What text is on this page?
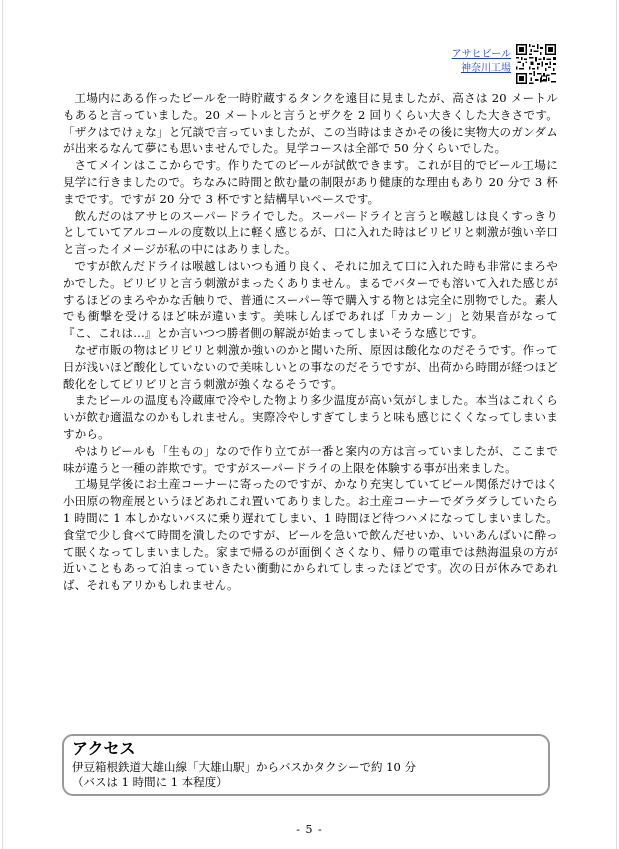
アサヒビール
神奈川工場

工場内にある作ったビールを一時貯蔵するタンクを遠目に見ましたが、高さは 20 メートルもあると言っていました。20 メートルと言うとザクを 2 回りくらい大きくした大きさです。「ザクはでけぇな」と冗談で言っていましたが、この当時はまさかその後に実物大のガンダムが出来るなんて夢にも思いませんでした。見学コースは全部で 50 分くらいでした。

さてメインはここからです。作りたてのビールが試飲できます。これが目的でビール工場に見学に行きましたので。ちなみに時間と飲む量の制限があり健康的な理由もあり 20 分で 3 杯までです。ですが 20 分で 3 杯ですと結構早いペースです。

飲んだのはアサヒのスーパードライでした。スーパードライと言うと喉越しは良くすっきりとしていてアルコールの度数以上に軽く感じるが、口に入れた時はビリビリと刺激が強い辛口と言ったイメージが私の中にはありました。

ですが飲んだドライは喉越しはいつも通り良く、それに加えて口に入れた時も非常にまろやかでした。ビリビリと言う刺激がまったくありません。まるでバターでも溶いて入れた感じがするほどのまろやかな舌触りで、普通にスーパー等で購入する物とは完全に別物でした。素人でも衝撃を受けるほど味が違います。美味しんぼであれば「カカーン」と効果音がなって『こ、これは…』とか言いつつ勝者側の解説が始まってしまいそうな感じです。

なぜ市販の物はビリビリと刺激か強いのかと聞いた所、原因は酸化なのだそうです。作って日が浅いほど酸化していないので美味しいとの事なのだそうですが、出荷から時間が経つほど酸化をしてビリビリと言う刺激が強くなるそうです。

またビールの温度も冷蔵庫で冷やした物より多少温度が高い気がしました。本当はこれくらいが飲む適温なのかもしれません。実際冷やしすぎてしまうと味も感じにくくなってしまいますから。

やはりビールも「生もの」なので作り立てが一番と案内の方は言っていましたが、ここまで味が違うと一種の詐欺です。ですがスーパードライの上限を体験する事が出来ました。

工場見学後にお土産コーナーに寄ったのですが、かなり充実していてビール関係だけではく小田原の物産展というほどあれこれ置いてありました。お土産コーナーでダラダラしていたら 1 時間に 1 本しかないバスに乗り遅れてしまい、1 時間ほど待つハメになってしまいました。食堂で少し食べて時間を潰したのですが、ビールを急いで飲んだせいか、いいあんばいに酔って眠くなってしまいました。家まで帰るのが面倒くさくなり、帰りの電車では熱海温泉の方が近いこともあって泊まっていきたい衝動にかられてしまったほどです。次の日が休みであれば、それもアリかもしれません。

アクセス
伊豆箱根鉄道大雄山線「大雄山駅」からバスかタクシーで約 10 分
（バスは 1 時間に 1 本程度）
- 5 -
